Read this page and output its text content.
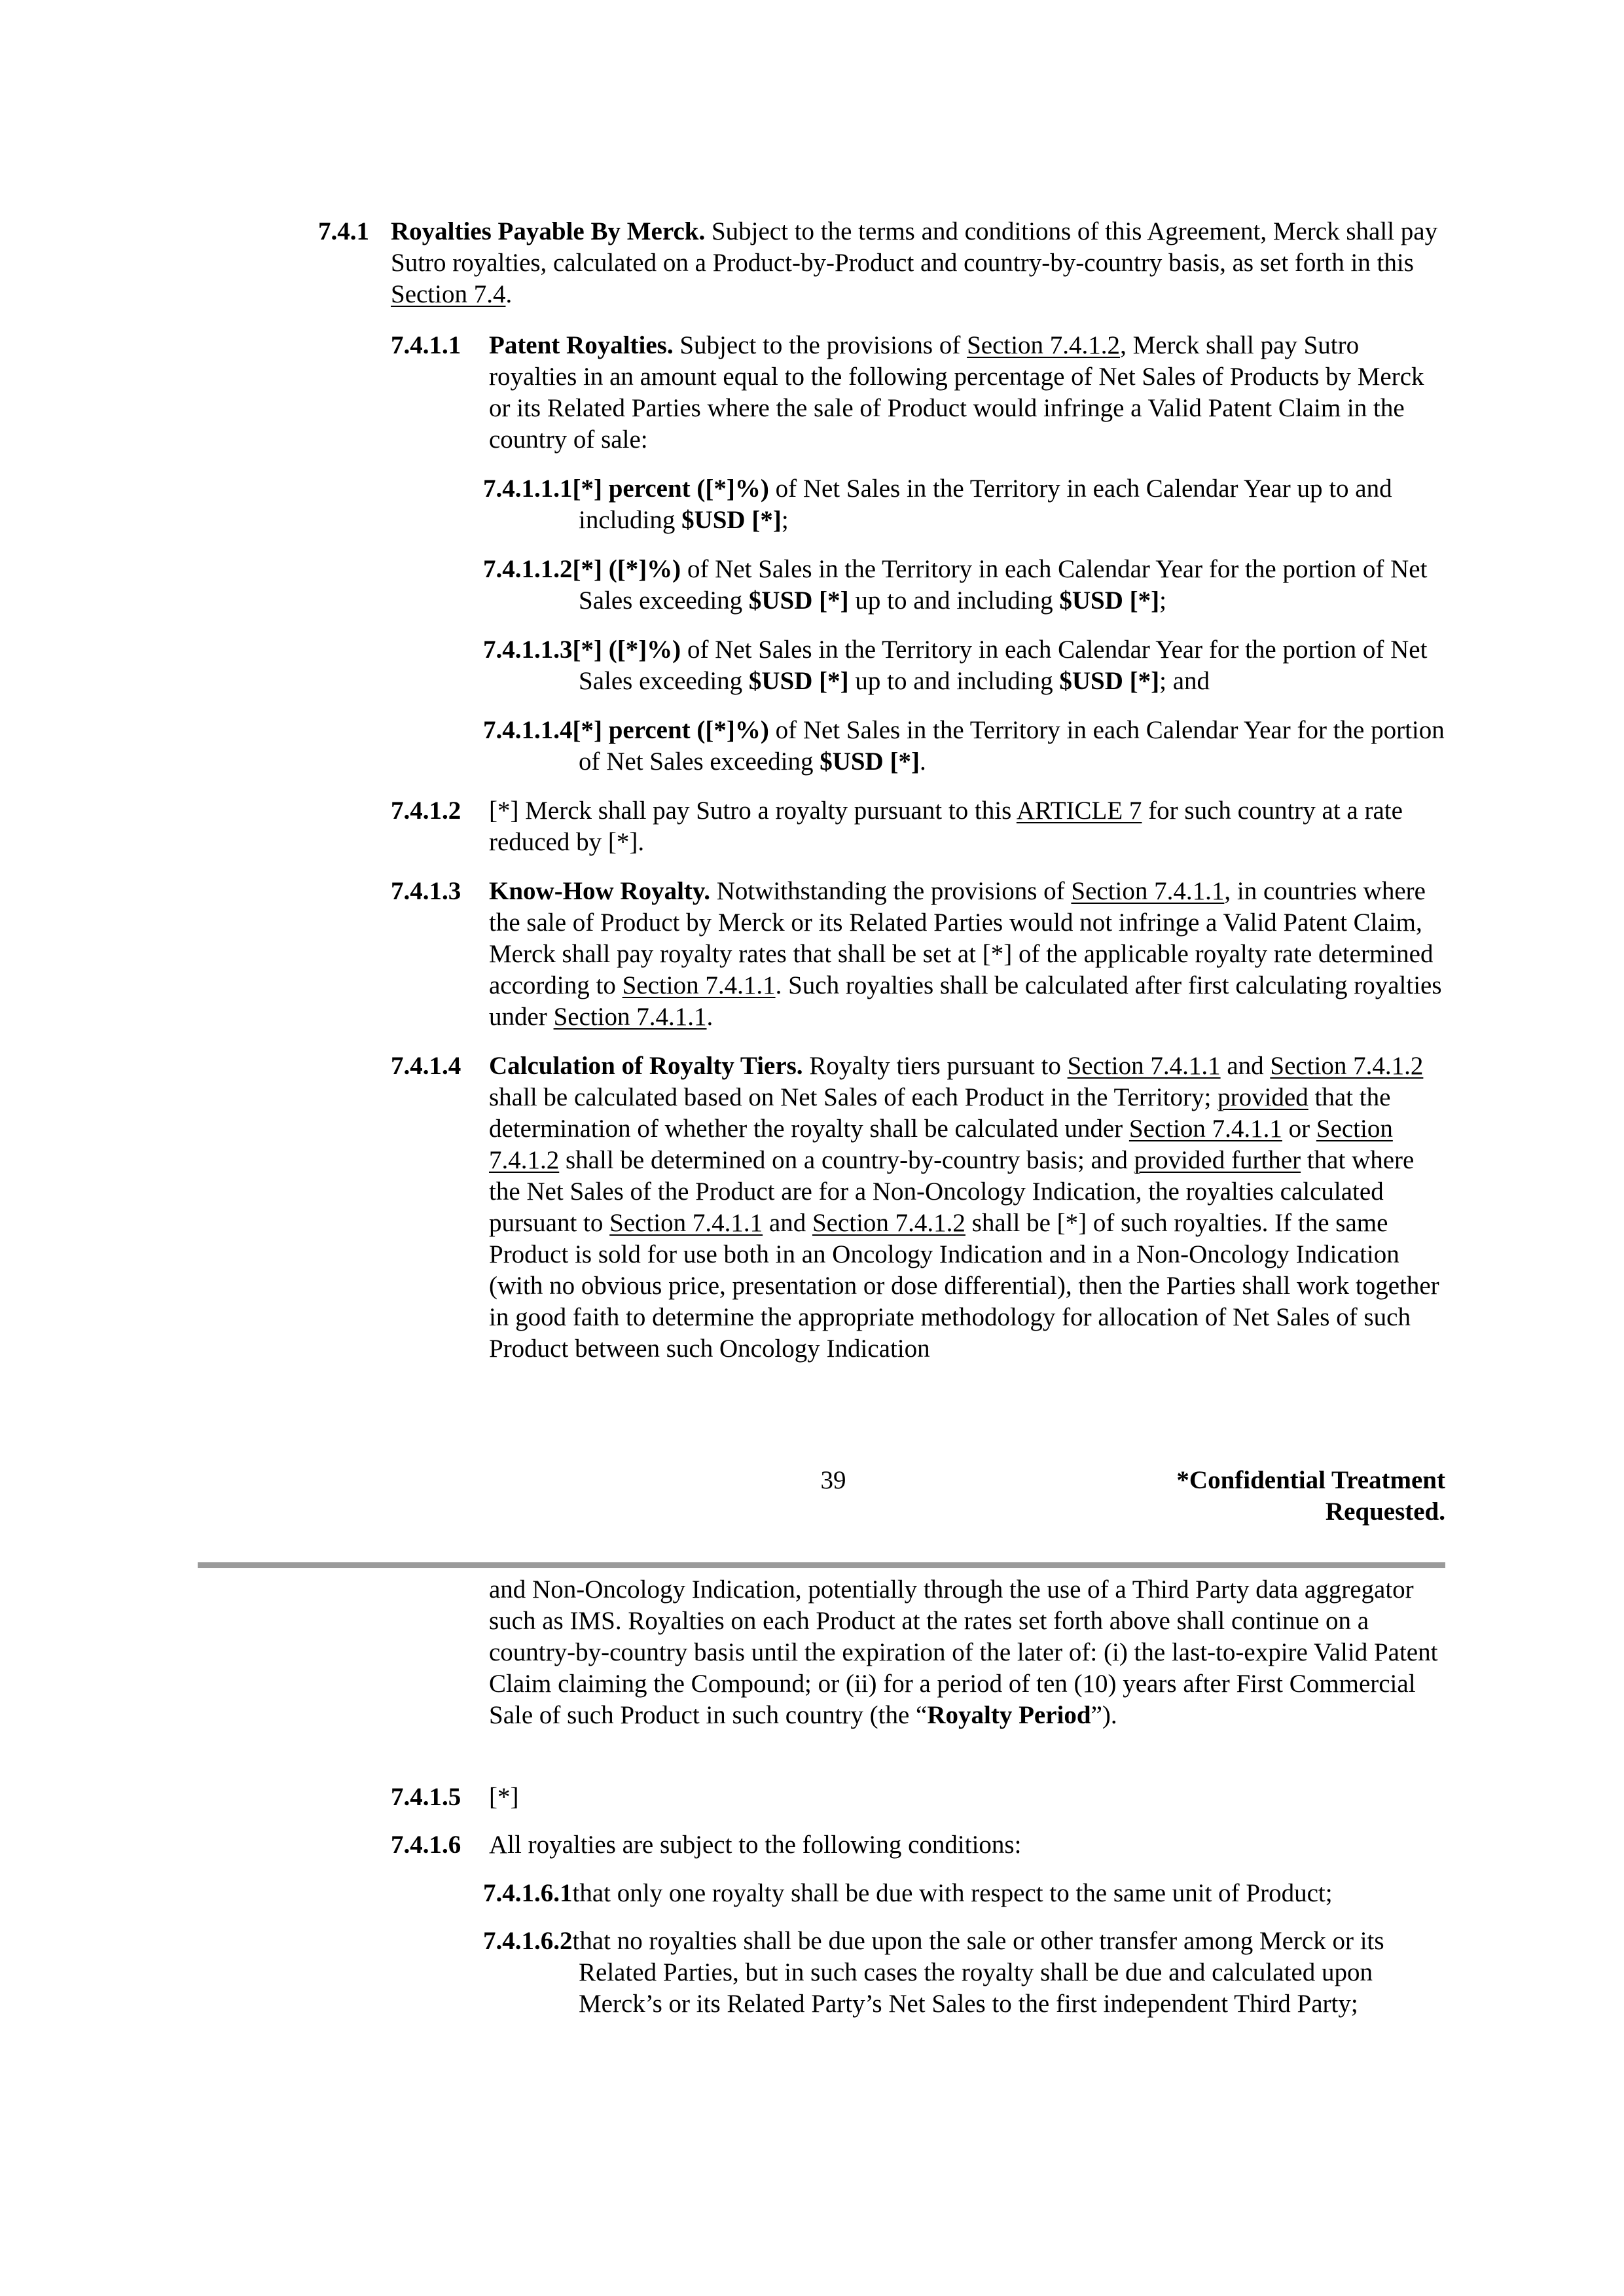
7.4.1 Royalties Payable By Merck. Subject to the terms and conditions of this Agreement, Merck shall pay Sutro royalties, calculated on a Product-by-Product and country-by-country basis, as set forth in this Section 7.4.

7.4.1.1 Patent Royalties. Subject to the provisions of Section 7.4.1.2, Merck shall pay Sutro royalties in an amount equal to the following percentage of Net Sales of Products by Merck or its Related Parties where the sale of Product would infringe a Valid Patent Claim in the country of sale:

7.4.1.1.1[*] percent ([*]%) of Net Sales in the Territory in each Calendar Year up to and including $USD [*];

7.4.1.1.2[*] ([*]%) of Net Sales in the Territory in each Calendar Year for the portion of Net Sales exceeding $USD [*] up to and including $USD [*];

7.4.1.1.3[*] ([*]%) of Net Sales in the Territory in each Calendar Year for the portion of Net Sales exceeding $USD [*] up to and including $USD [*]; and

7.4.1.1.4[*] percent ([*]%) of Net Sales in the Territory in each Calendar Year for the portion of Net Sales exceeding $USD [*].

7.4.1.2 [*] Merck shall pay Sutro a royalty pursuant to this ARTICLE 7 for such country at a rate reduced by [*].

7.4.1.3 Know-How Royalty. Notwithstanding the provisions of Section 7.4.1.1, in countries where the sale of Product by Merck or its Related Parties would not infringe a Valid Patent Claim, Merck shall pay royalty rates that shall be set at [*] of the applicable royalty rate determined according to Section 7.4.1.1. Such royalties shall be calculated after first calculating royalties under Section 7.4.1.1.

7.4.1.4 Calculation of Royalty Tiers. Royalty tiers pursuant to Section 7.4.1.1 and Section 7.4.1.2 shall be calculated based on Net Sales of each Product in the Territory; provided that the determination of whether the royalty shall be calculated under Section 7.4.1.1 or Section 7.4.1.2 shall be determined on a country-by-country basis; and provided further that where the Net Sales of the Product are for a Non-Oncology Indication, the royalties calculated pursuant to Section 7.4.1.1 and Section 7.4.1.2 shall be [*] of such royalties. If the same Product is sold for use both in an Oncology Indication and in a Non-Oncology Indication (with no obvious price, presentation or dose differential), then the Parties shall work together in good faith to determine the appropriate methodology for allocation of Net Sales of such Product between such Oncology Indication

39	*Confidential Treatment
Requested.

and Non-Oncology Indication, potentially through the use of a Third Party data aggregator such as IMS. Royalties on each Product at the rates set forth above shall continue on a country-by-country basis until the expiration of the later of: (i) the last-to-expire Valid Patent Claim claiming the Compound; or (ii) for a period of ten (10) years after First Commercial Sale of such Product in such country (the “Royalty Period”).

7.4.1.5 [*]

7.4.1.6 All royalties are subject to the following conditions:

7.4.1.6.1that only one royalty shall be due with respect to the same unit of Product;

7.4.1.6.2that no royalties shall be due upon the sale or other transfer among Merck or its Related Parties, but in such cases the royalty shall be due and calculated upon Merck’s or its Related Party’s Net Sales to the first independent Third Party;
